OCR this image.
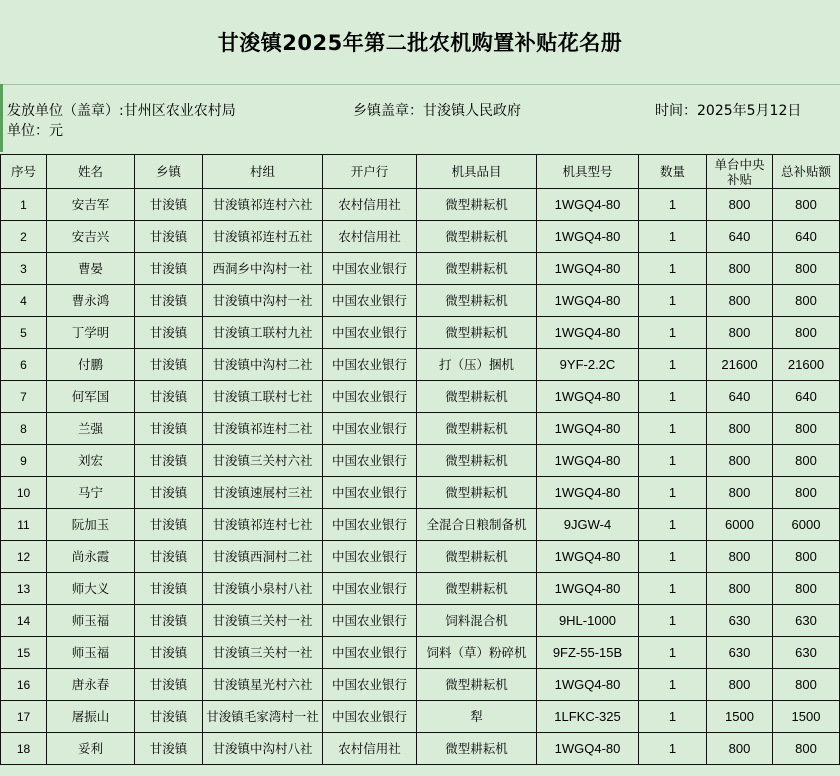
甘浚镇2025年第二批农机购置补贴花名册
发放单位（盖章）:甘州区农业农村局
单位：元
乡镇盖章：甘浚镇人民政府	时间：2025年5月12日
序号	姓名	乡镇	村组	开户行	机具品目	机具型号	数量	单台中央补贴	总补贴额
1	安吉军	甘浚镇	甘浚镇祁连村六社	农村信用社	微型耕耘机	1WGQ4-80	1	800	800
2	安吉兴	甘浚镇	甘浚镇祁连村五社	农村信用社	微型耕耘机	1WGQ4-80	1	640	640
3	曹晏	甘浚镇	西洞乡中沟村一社	中国农业银行	微型耕耘机	1WGQ4-80	1	800	800
4	曹永鸿	甘浚镇	甘浚镇中沟村一社	中国农业银行	微型耕耘机	1WGQ4-80	1	800	800
5	丁学明	甘浚镇	甘浚镇工联村九社	中国农业银行	微型耕耘机	1WGQ4-80	1	800	800
6	付鹏	甘浚镇	甘浚镇中沟村二社	中国农业银行	打（压）捆机	9YF-2.2C	1	21600	21600
7	何军国	甘浚镇	甘浚镇工联村七社	中国农业银行	微型耕耘机	1WGQ4-80	1	640	640
8	兰强	甘浚镇	甘浚镇祁连村二社	中国农业银行	微型耕耘机	1WGQ4-80	1	800	800
9	刘宏	甘浚镇	甘浚镇三关村六社	中国农业银行	微型耕耘机	1WGQ4-80	1	800	800
10	马宁	甘浚镇	甘浚镇速展村三社	中国农业银行	微型耕耘机	1WGQ4-80	1	800	800
11	阮加玉	甘浚镇	甘浚镇祁连村七社	中国农业银行	全混合日粮制备机	9JGW-4	1	6000	6000
12	尚永霞	甘浚镇	甘浚镇西洞村二社	中国农业银行	微型耕耘机	1WGQ4-80	1	800	800
13	师大义	甘浚镇	甘浚镇小泉村八社	中国农业银行	微型耕耘机	1WGQ4-80	1	800	800
14	师玉福	甘浚镇	甘浚镇三关村一社	中国农业银行	饲料混合机	9HL-1000	1	630	630
15	师玉福	甘浚镇	甘浚镇三关村一社	中国农业银行	饲料（草）粉碎机	9FZ-55-15B	1	630	630
16	唐永春	甘浚镇	甘浚镇星光村六社	中国农业银行	微型耕耘机	1WGQ4-80	1	800	800
17	屠振山	甘浚镇	甘浚镇毛家湾村一社	中国农业银行	犁	1LFKC-325	1	1500	1500
18	妥利	甘浚镇	甘浚镇中沟村八社	农村信用社	微型耕耘机	1WGQ4-80	1	800	800
